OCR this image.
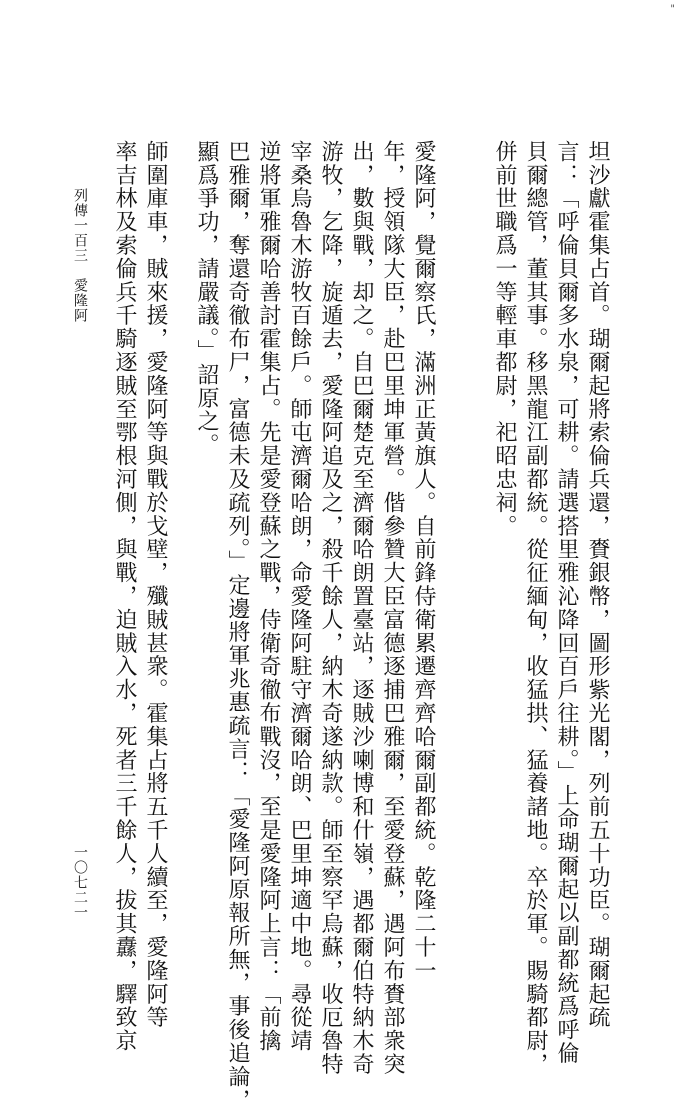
"
坦沙獻霍集占首。瑚爾起將索倫兵還，賚銀幣，圖形紫光閣，列前五十功臣。瑚爾起疏
言：「呼倫貝爾多水泉，可耕。請選搭里雅沁降回百戶往耕。」上命瑚爾起以副都統爲呼倫
貝爾總管，董其事。移黑龍江副都統。從征緬甸，收猛拱、猛養諸地。卒於軍。賜騎都尉，
併前世職爲一等輕車都尉，祀昭忠祠。
愛隆阿，覺爾察氏，滿洲正黃旗人。自前鋒侍衛累遷齊齊哈爾副都統。乾隆二十一
年，授領隊大臣，赴巴里坤軍營。偕參贊大臣富德逐捕巴雅爾，至愛登蘇，遇阿布賚部衆突
出，數與戰，却之。自巴爾楚克至濟爾哈朗置臺站，逐賊沙喇博和什嶺，遇都爾伯特納木奇
游牧，乞降，旋遁去，愛隆阿追及之，殺千餘人，納木奇遂納款。師至察罕烏蘇，收厄魯特
宰桑烏魯木游牧百餘戶。師屯濟爾哈朗，命愛隆阿駐守濟爾哈朗、巴里坤適中地。尋從靖
逆將軍雅爾哈善討霍集占。先是愛登蘇之戰，侍衛奇徹布戰沒，至是愛隆阿上言：「前擒
巴雅爾，奪還奇徹布尸，富德未及疏列。」定邊將軍兆惠疏言：「愛隆阿原報所無，事後追論，
顯爲爭功，請嚴議。」詔原之。
師圍庫車，賊來援，愛隆阿等與戰於戈壁，殲賊甚衆。霍集占將五千人續至，愛隆阿等
率吉林及索倫兵千騎逐賊至鄂根河側，與戰，迫賊入水，死者三千餘人，拔其纛，驛致京
列傳一百三　愛隆阿
一〇七二一
